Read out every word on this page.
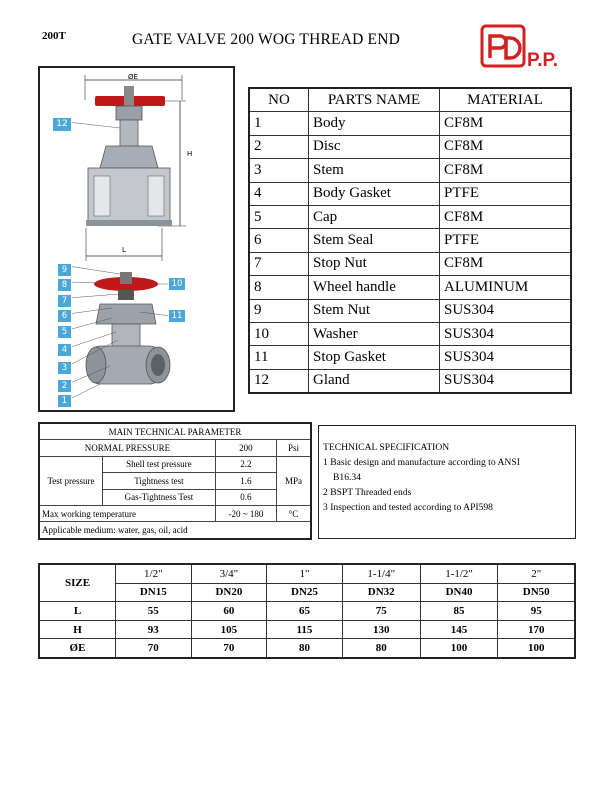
200T	GATE VALVE 200 WOG THREAD END
P.P.
ØE
H
L
12
9
8
7
6
5
4
3
2
1
10
11
NO	PARTS NAME	MATERIAL
1	Body	CF8M
2	Disc	CF8M
3	Stem	CF8M
4	Body Gasket	PTFE
5	Cap	CF8M
6	Stem Seal	PTFE
7	Stop Nut	CF8M
8	Wheel handle	ALUMINUM
9	Stem Nut	SUS304
10	Washer	SUS304
11	Stop Gasket	SUS304
12	Gland	SUS304
MAIN TECHNICAL PARAMETER			
NORMAL PRESSURE		200	Psi
Test pressure	Shell test pressure	2.2	MPa
	Tightness test	1.6	
	Gas-Tightness Test	0.6	
Max working temperature		-20 ~ 180	°C
Applicable medium: water, gas, oil, acid			
TECHNICAL SPECIFICATION
1 Basic design and manufacture according to ANSI
B16.34
2 BSPT Threaded ends
3 Inspection and tested according to API598
SIZE	1/2"	3/4"	1"	1-1/4"	1-1/2"	2"
	DN15	DN20	DN25	DN32	DN40	DN50
L	55	60	65	75	85	95
H	93	105	115	130	145	170
ØE	70	70	80	80	100	100
